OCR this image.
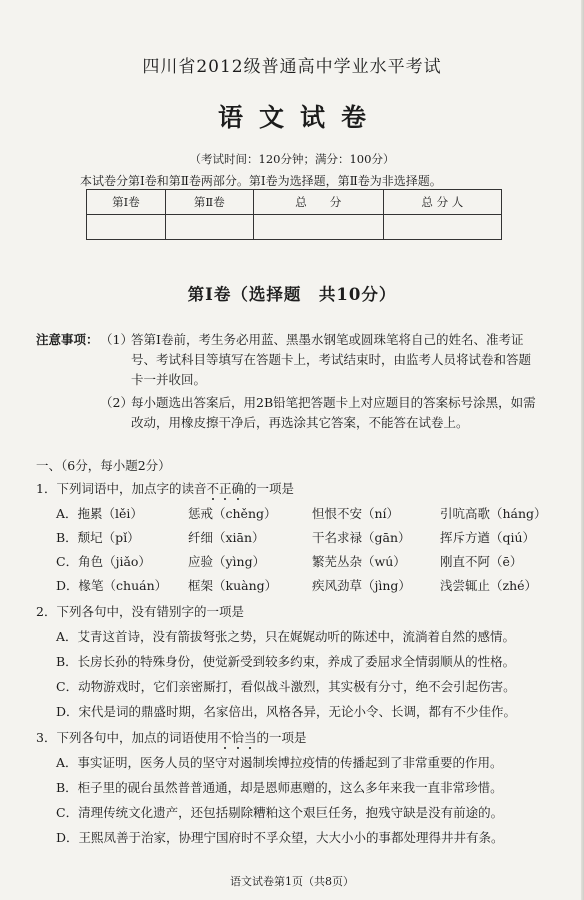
四川省2012级普通高中学业水平考试
语文试卷
（考试时间：120分钟；满分：100分）
本试卷分第Ⅰ卷和第Ⅱ卷两部分。第Ⅰ卷为选择题，第Ⅱ卷为非选择题。
第Ⅰ卷	第Ⅱ卷	总　　分	总 分 人

第Ⅰ卷（选择题　共10分）
注意事项： （1）
答第Ⅰ卷前，考生务必用蓝、黑墨水钢笔或圆珠笔将自己的姓名、准考证
号、考试科目等填写在答题卡上，考试结束时，由监考人员将试卷和答题
卡一并收回。
（2）
每小题选出答案后，用2B铅笔把答题卡上对应题目的答案标号涂黑，如需
改动，用橡皮擦干净后，再选涂其它答案，不能答在试卷上。
一、（6分，每小题2分）
1．下列词语中，加点字的读音不正确的一项是
A．拖累（lěi）	惩戒（chěng）	怛恨不安（ní）	引吭高歌（háng）
B．颓圮（pǐ）	纤细（xiān）	干名求禄（gān） 挥斥方遒（qiú）
C．角色（jiǎo）	应验（yìng）	繁芜丛杂（wú）	刚直不阿（ē）
D．椽笔（chuán） 框架（kuàng）	疾风劲草（jìng） 浅尝辄止（zhé）
2．下列各句中，没有错别字的一项是
A．艾青这首诗，没有箭拔弩张之势，只在娓娓动听的陈述中，流淌着自然的感情。
B．长房长孙的特殊身份，使觉新受到较多约束，养成了委屈求全情弱顺从的性格。
C．动物游戏时，它们亲密厮打，看似战斗激烈，其实极有分寸，绝不会引起伤害。
D．宋代是词的鼎盛时期，名家倍出，风格各异，无论小令、长调，都有不少佳作。
3．下列各句中，加点的词语使用不恰当的一项是
A．事实证明，医务人员的坚守对遏制埃博拉疫情的传播起到了非常重要的作用。
B．柜子里的砚台虽然普普通通，却是恩师惠赠的，这么多年来我一直非常珍惜。
C．清理传统文化遗产，还包括剔除糟粕这个艰巨任务，抱残守缺是没有前途的。
D．王熙凤善于治家，协理宁国府时不孚众望，大大小小的事都处理得井井有条。
语文试卷第1页（共8页）
